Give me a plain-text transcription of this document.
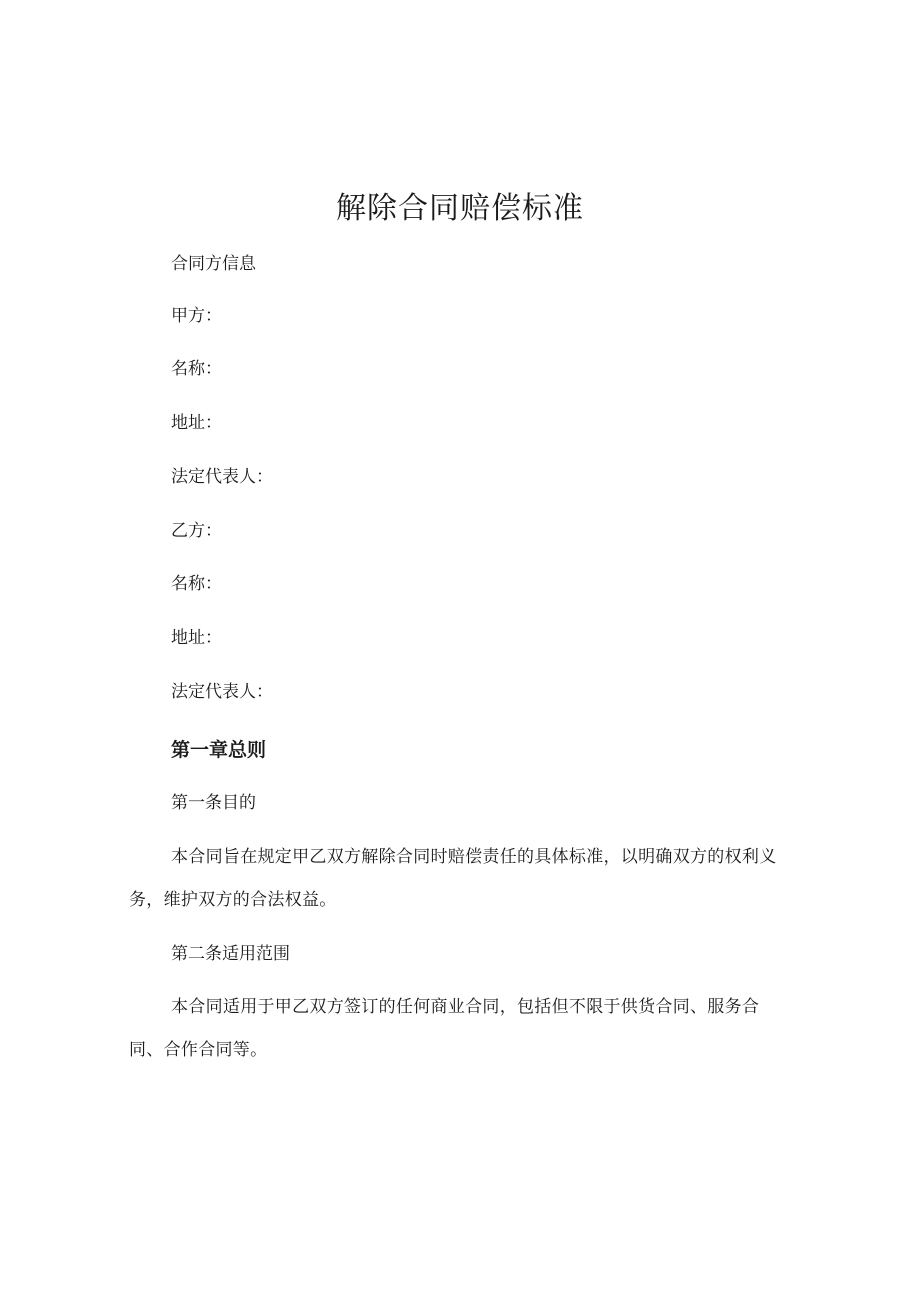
解除合同赔偿标准

合同方信息

甲方：

名称：

地址：

法定代表人：

乙方：

名称：

地址：

法定代表人：

第一章总则

第一条目的

本合同旨在规定甲乙双方解除合同时赔偿责任的具体标准，以明确双方的权利义务，维护双方的合法权益。

第二条适用范围

本合同适用于甲乙双方签订的任何商业合同，包括但不限于供货合同、服务合同、合作合同等。
